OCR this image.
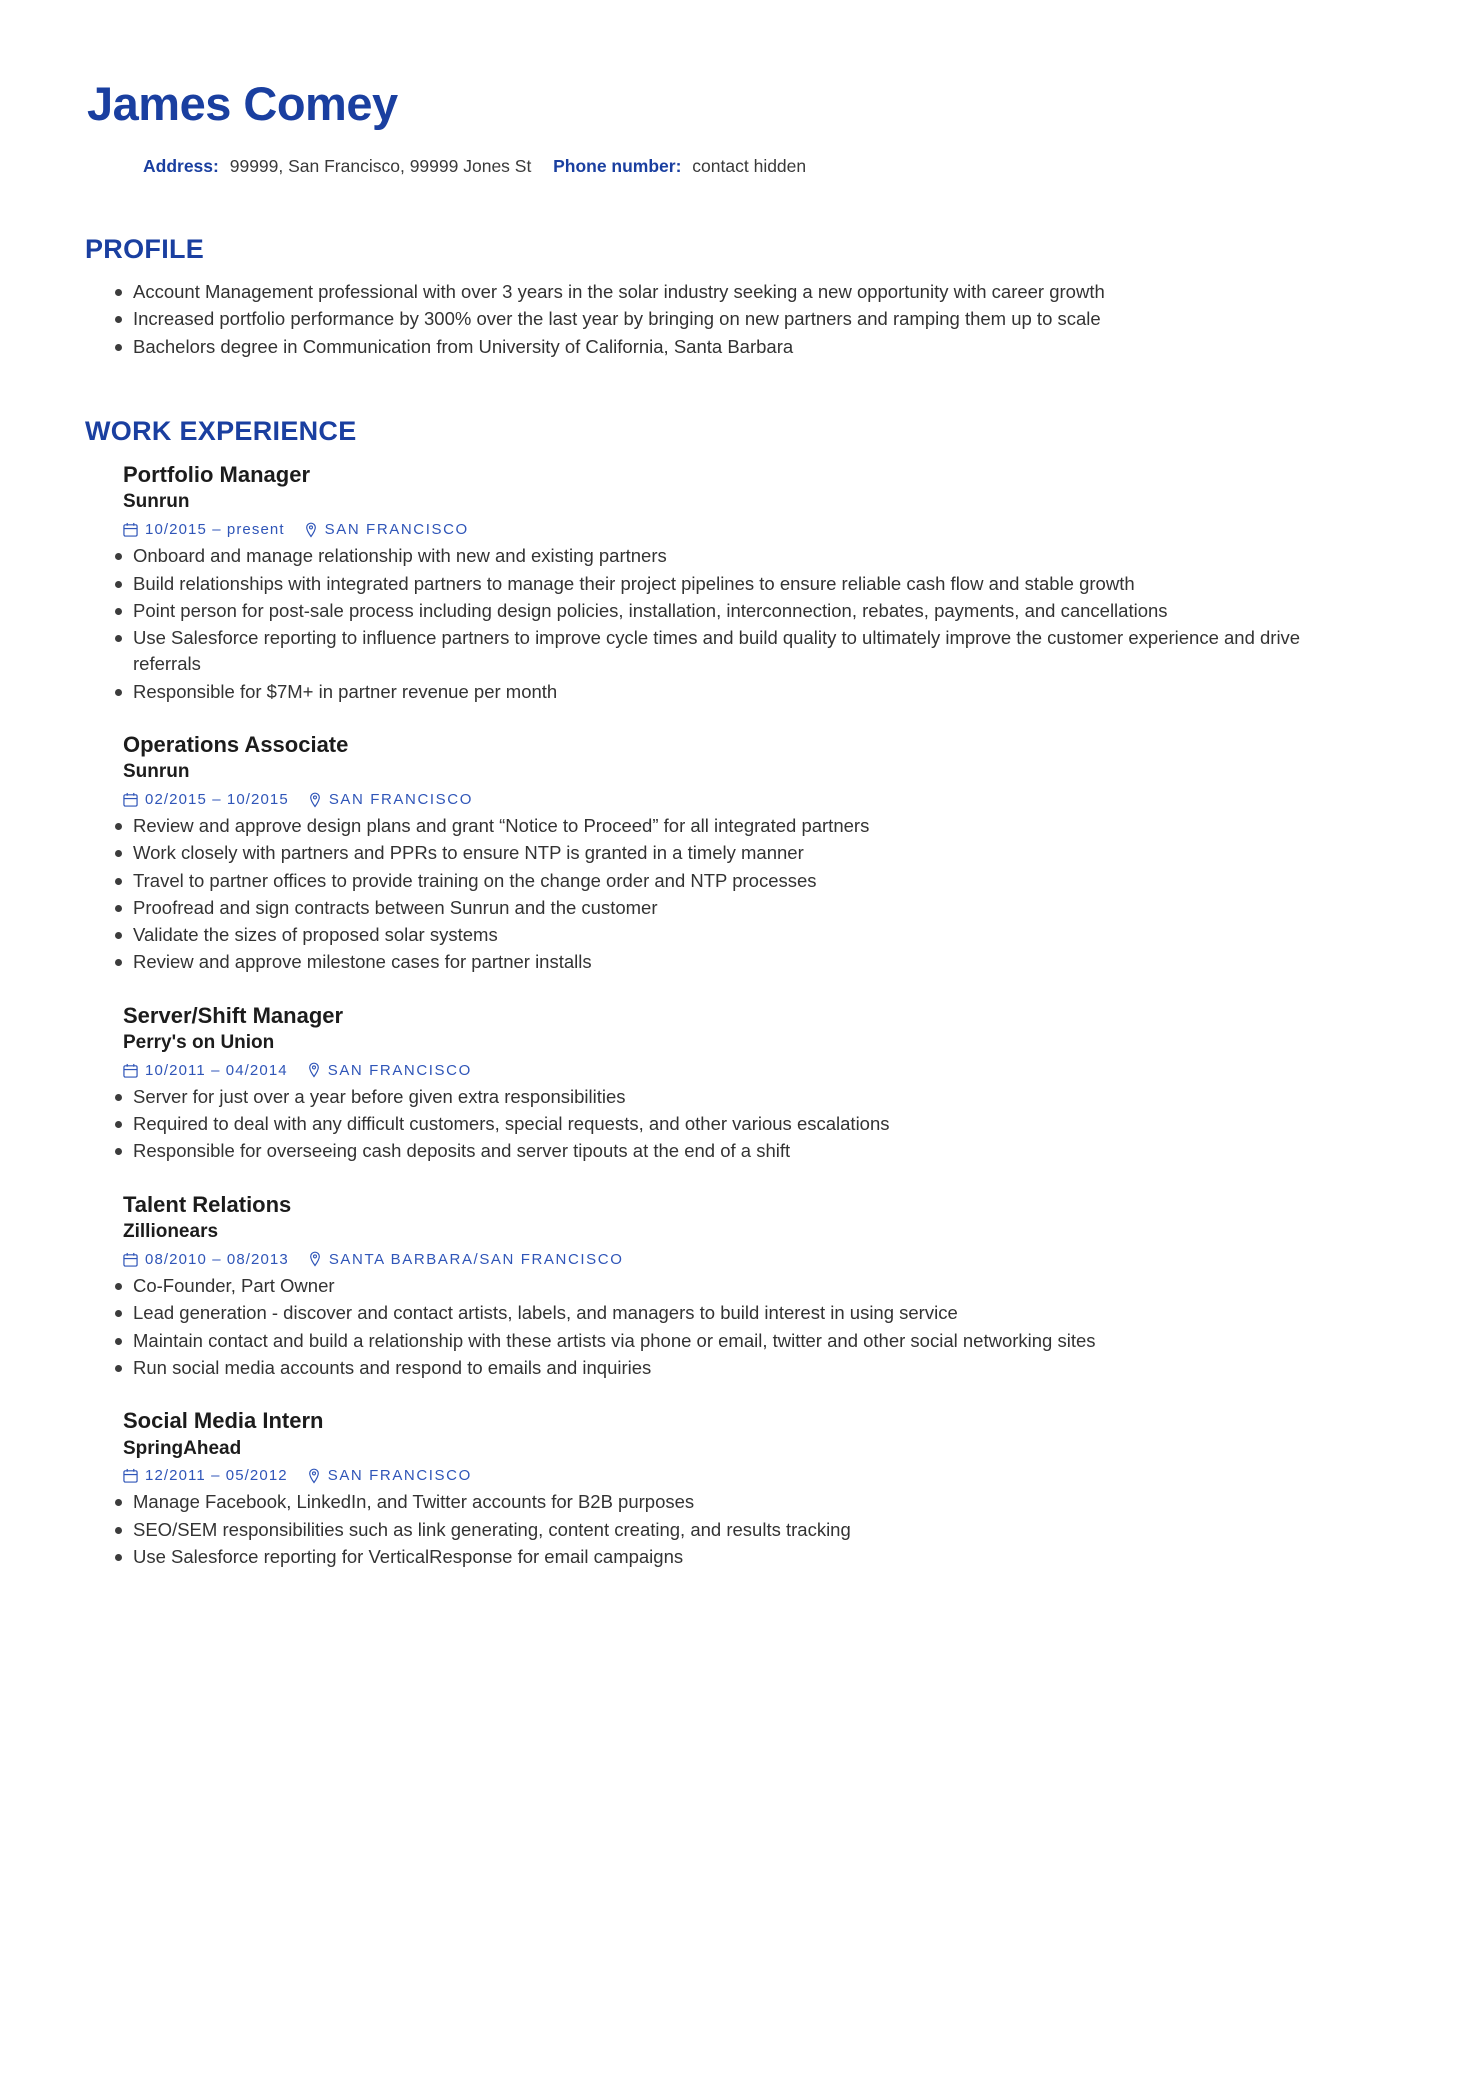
James Comey
Address: 99999, San Francisco, 99999 Jones St Phone number: contact hidden
PROFILE
Account Management professional with over 3 years in the solar industry seeking a new opportunity with career growth
Increased portfolio performance by 300% over the last year by bringing on new partners and ramping them up to scale
Bachelors degree in Communication from University of California, Santa Barbara
WORK EXPERIENCE
Portfolio Manager
Sunrun
10/2015 – present	SAN FRANCISCO
Onboard and manage relationship with new and existing partners
Build relationships with integrated partners to manage their project pipelines to ensure reliable cash flow and stable growth
Point person for post-sale process including design policies, installation, interconnection, rebates, payments, and cancellations
Use Salesforce reporting to influence partners to improve cycle times and build quality to ultimately improve the customer experience and drive referrals
Responsible for $7M+ in partner revenue per month
Operations Associate
Sunrun
02/2015 – 10/2015	SAN FRANCISCO
Review and approve design plans and grant “Notice to Proceed” for all integrated partners
Work closely with partners and PPRs to ensure NTP is granted in a timely manner
Travel to partner offices to provide training on the change order and NTP processes
Proofread and sign contracts between Sunrun and the customer
Validate the sizes of proposed solar systems
Review and approve milestone cases for partner installs
Server/Shift Manager
Perry's on Union
10/2011 – 04/2014	SAN FRANCISCO
Server for just over a year before given extra responsibilities
Required to deal with any difficult customers, special requests, and other various escalations
Responsible for overseeing cash deposits and server tipouts at the end of a shift
Talent Relations
Zillionears
08/2010 – 08/2013	SANTA BARBARA/SAN FRANCISCO
Co-Founder, Part Owner
Lead generation - discover and contact artists, labels, and managers to build interest in using service
Maintain contact and build a relationship with these artists via phone or email, twitter and other social networking sites
Run social media accounts and respond to emails and inquiries
Social Media Intern
SpringAhead
12/2011 – 05/2012	SAN FRANCISCO
Manage Facebook, LinkedIn, and Twitter accounts for B2B purposes
SEO/SEM responsibilities such as link generating, content creating, and results tracking
Use Salesforce reporting for VerticalResponse for email campaigns
